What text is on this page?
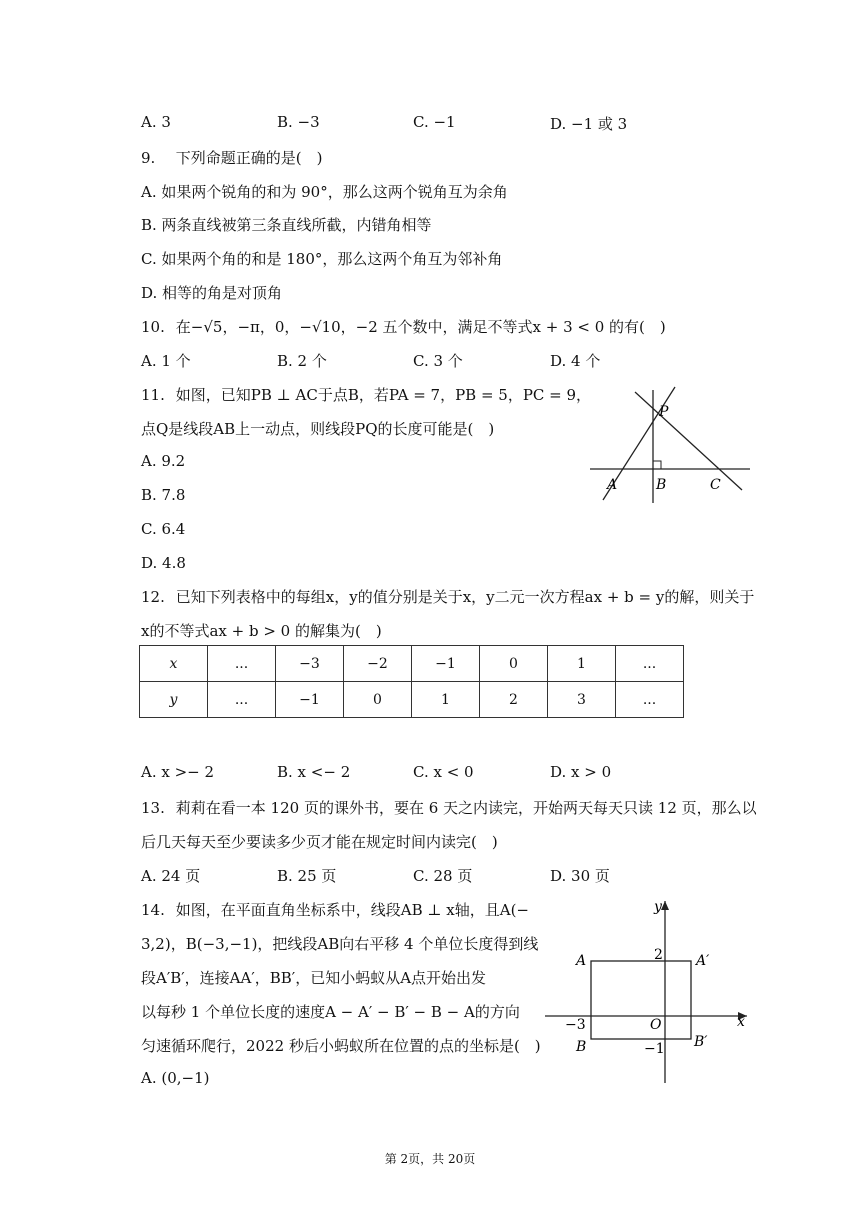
A. 3	B. −3	C. −1	D. −1 或 3
9. 下列命题正确的是(　)
A. 如果两个锐角的和为 90°，那么这两个锐角互为余角
B. 两条直线被第三条直线所截，内错角相等
C. 如果两个角的和是 180°，那么这两个角互为邻补角
D. 相等的角是对顶角
10. 在−√5，−π，0，−√10，−2 五个数中，满足不等式x + 3 < 0 的有(　)
A. 1 个	B. 2 个	C. 3 个	D. 4 个
11. 如图，已知PB ⊥ AC于点B，若PA = 7，PB = 5，PC = 9，
点Q是线段AB上一动点，则线段PQ的长度可能是(　)
A. 9.2
B. 7.8
C. 6.4
D. 4.8
P
A	B	C
12. 已知下列表格中的每组x，y的值分别是关于x，y二元一次方程ax + b = y的解，则关于
x的不等式ax + b > 0 的解集为(　)
x	...	−3	−2	−1	0	1	...
y	...	−1	0	1	2	3	...
A. x >− 2	B. x <− 2	C. x < 0	D. x > 0
13. 莉莉在看一本 120 页的课外书，要在 6 天之内读完，开始两天每天只读 12 页，那么以
后几天每天至少要读多少页才能在规定时间内读完(　)
A. 24 页	B. 25 页	C. 28 页	D. 30 页
14. 如图，在平面直角坐标系中，线段AB ⊥ x轴，且A(−
3,2)，B(−3,−1)，把线段AB向右平移 4 个单位长度得到线
段A′B′，连接AA′，BB′，已知小蚂蚁从A点开始出发
以每秒 1 个单位长度的速度A − A′ − B′ − B − A的方向
匀速循环爬行，2022 秒后小蚂蚁所在位置的点的坐标是(　)
A. (0,−1)
y
x
O
2
−3
−1
A	A′
B	B′
第 2页，共 20页
